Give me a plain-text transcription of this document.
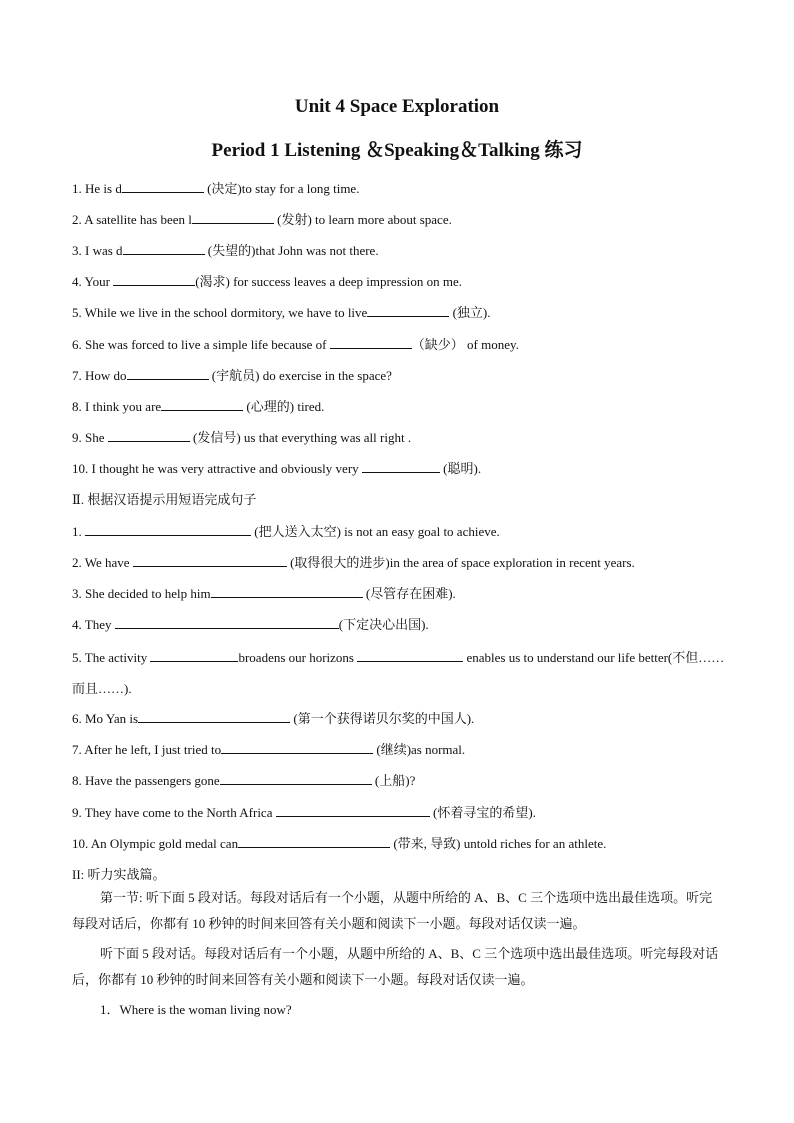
Unit 4 Space Exploration
Period 1 Listening ＆Speaking＆Talking 练习
1. He is d	(决定)to stay for a long time.
2. A satellite has been l	(发射) to learn more about space.
3. I was d	(失望的)that John was not there.
4. Your	(渴求) for success leaves a deep impression on me.
5. While we live in the school dormitory, we have to live	(独立).
6. She was forced to live a simple life because of	（缺少） of money.
7. How do	(宇航员) do exercise in the space?
8. I think you are	(心理的) tired.
9. She	(发信号) us that everything was all right .
10. I thought he was very attractive and obviously very	(聪明).
Ⅱ. 根据汉语提示用短语完成句子
1.	(把人送入太空) is not an easy goal to achieve.
2. We have	(取得很大的进步)in the area of space exploration in recent years.
3. She decided to help him	(尽管存在困难).
4. They	(下定决心出国).
5. The activity	broadens our horizons	enables us to understand our life better(不但……而且……).
6. Mo Yan is	(第一个获得诺贝尔奖的中国人).
7. After he left, I just tried to	(继续)as normal.
8. Have the passengers gone	(上船)?
9. They have come to the North Africa	(怀着寻宝的希望).
10. An Olympic gold medal can	(带来, 导致) untold riches for an athlete.
II: 听力实战篇。
第一节: 听下面 5 段对话。每段对话后有一个小题，从题中所给的 A、B、C 三个选项中选出最佳选项。听完每段对话后，你都有 10 秒钟的时间来回答有关小题和阅读下一小题。每段对话仅读一遍。
听下面 5 段对话。每段对话后有一个小题，从题中所给的 A、B、C 三个选项中选出最佳选项。听完每段对话后，你都有 10 秒钟的时间来回答有关小题和阅读下一小题。每段对话仅读一遍。
1．Where is the woman living now?
